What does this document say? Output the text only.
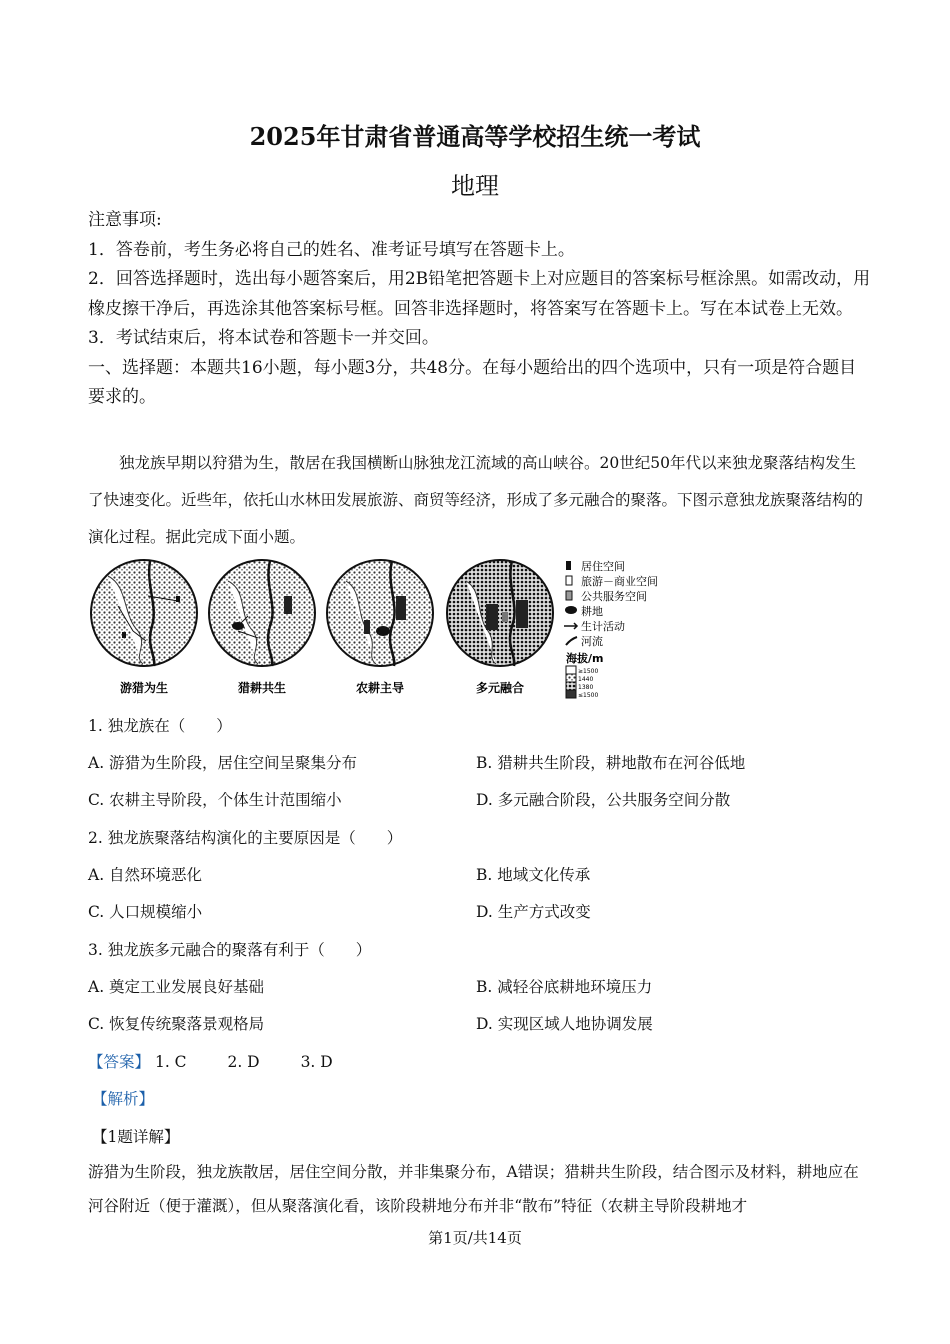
2025年甘肃省普通高等学校招生统一考试
地理

注意事项:

1．答卷前，考生务必将自己的姓名、准考证号填写在答题卡上。

2．回答选择题时，选出每小题答案后，用2B铅笔把答题卡上对应题目的答案标号框涂黑。如需改动，用橡皮擦干净后，再选涂其他答案标号框。回答非选择题时，将答案写在答题卡上。写在本试卷上无效。

3．考试结束后，将本试卷和答题卡一并交回。

一、选择题：本题共16小题，每小题3分，共48分。在每小题给出的四个选项中，只有一项是符合题目要求的。

独龙族早期以狩猎为生，散居在我国横断山脉独龙江流域的高山峡谷。20世纪50年代以来独龙聚落结构发生了快速变化。近些年，依托山水林田发展旅游、商贸等经济，形成了多元融合的聚落。下图示意独龙族聚落结构的演化过程。据此完成下面小题。
游猎为生	猎耕共生	农耕主导	多元融合
居住空间
旅游－商业空间
公共服务空间
耕地
生计活动
河流
海拔/m
≥1500
1440
1380
≤1500
1. 独龙族在（　　）
A. 游猎为生阶段，居住空间呈聚集分布	B. 猎耕共生阶段，耕地散布在河谷低地
C. 农耕主导阶段，个体生计范围缩小	D. 多元融合阶段，公共服务空间分散
2. 独龙族聚落结构演化的主要原因是（　　）
A. 自然环境恶化	B. 地域文化传承
C. 人口规模缩小	D. 生产方式改变
3. 独龙族多元融合的聚落有利于（　　）
A. 奠定工业发展良好基础	B. 减轻谷底耕地环境压力
C. 恢复传统聚落景观格局	D. 实现区域人地协调发展
【答案】 1. C	2. D	3. D
【解析】
【1题详解】
游猎为生阶段，独龙族散居，居住空间分散，并非集聚分布，A错误；猎耕共生阶段，结合图示及材料，耕地应在河谷附近（便于灌溉），但从聚落演化看，该阶段耕地分布并非“散布”特征（农耕主导阶段耕地才
第1页/共14页
